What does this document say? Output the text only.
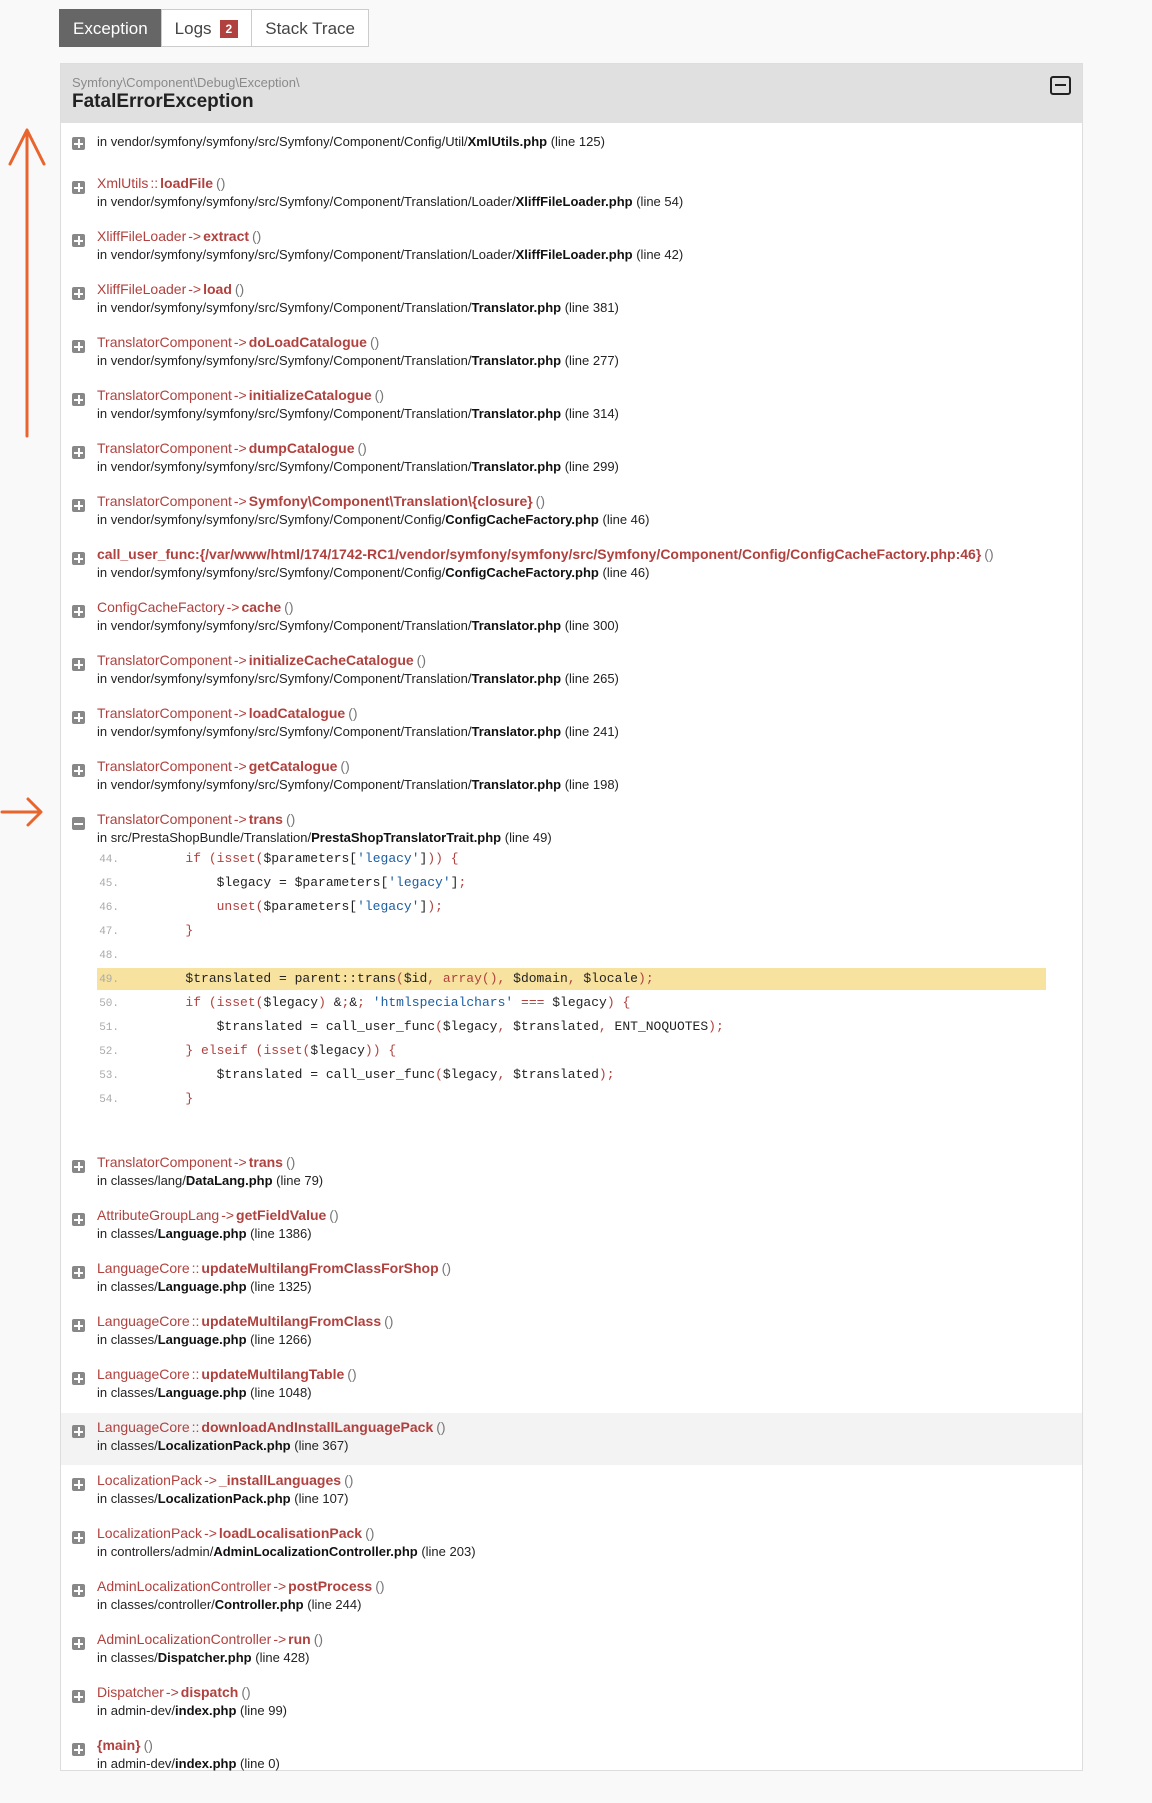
Exception	Logs 2	Stack Trace
Symfony\Component\Debug\Exception\
FatalErrorException
in vendor/symfony/symfony/src/Symfony/Component/Config/Util/XmlUtils.php (line 125)
XmlUtils :: loadFile ()
in vendor/symfony/symfony/src/Symfony/Component/Translation/Loader/XliffFileLoader.php (line 54)
XliffFileLoader -> extract ()
in vendor/symfony/symfony/src/Symfony/Component/Translation/Loader/XliffFileLoader.php (line 42)
XliffFileLoader -> load ()
in vendor/symfony/symfony/src/Symfony/Component/Translation/Translator.php (line 381)
TranslatorComponent -> doLoadCatalogue ()
in vendor/symfony/symfony/src/Symfony/Component/Translation/Translator.php (line 277)
TranslatorComponent -> initializeCatalogue ()
in vendor/symfony/symfony/src/Symfony/Component/Translation/Translator.php (line 314)
TranslatorComponent -> dumpCatalogue ()
in vendor/symfony/symfony/src/Symfony/Component/Translation/Translator.php (line 299)
TranslatorComponent -> Symfony\Component\Translation\{closure} ()
in vendor/symfony/symfony/src/Symfony/Component/Config/ConfigCacheFactory.php (line 46)
call_user_func:{/var/www/html/174/1742-RC1/vendor/symfony/symfony/src/Symfony/Component/Config/ConfigCacheFactory.php:46} ()
in vendor/symfony/symfony/src/Symfony/Component/Config/ConfigCacheFactory.php (line 46)
ConfigCacheFactory -> cache ()
in vendor/symfony/symfony/src/Symfony/Component/Translation/Translator.php (line 300)
TranslatorComponent -> initializeCacheCatalogue ()
in vendor/symfony/symfony/src/Symfony/Component/Translation/Translator.php (line 265)
TranslatorComponent -> loadCatalogue ()
in vendor/symfony/symfony/src/Symfony/Component/Translation/Translator.php (line 241)
TranslatorComponent -> getCatalogue ()
in vendor/symfony/symfony/src/Symfony/Component/Translation/Translator.php (line 198)
TranslatorComponent -> trans ()
in src/PrestaShopBundle/Translation/PrestaShopTranslatorTrait.php (line 49)
44.	if (isset($parameters['legacy'])) {
45. $legacy = $parameters['legacy'];
46.	unset($parameters['legacy']);
47.	}
48.
49. $translated = parent::trans($id, array(), $domain, $locale);
50.	if (isset($legacy) &;&; 'htmlspecialchars' === $legacy) {
51. $translated = call_user_func($legacy, $translated, ENT_NOQUOTES);
52.	} elseif (isset($legacy)) {
53. $translated = call_user_func($legacy, $translated);
54.	}
TranslatorComponent -> trans ()
in classes/lang/DataLang.php (line 79)
AttributeGroupLang -> getFieldValue ()
in classes/Language.php (line 1386)
LanguageCore :: updateMultilangFromClassForShop ()
in classes/Language.php (line 1325)
LanguageCore :: updateMultilangFromClass ()
in classes/Language.php (line 1266)
LanguageCore :: updateMultilangTable ()
in classes/Language.php (line 1048)
LanguageCore :: downloadAndInstallLanguagePack ()
in classes/LocalizationPack.php (line 367)
LocalizationPack -> _installLanguages ()
in classes/LocalizationPack.php (line 107)
LocalizationPack -> loadLocalisationPack ()
in controllers/admin/AdminLocalizationController.php (line 203)
AdminLocalizationController -> postProcess ()
in classes/controller/Controller.php (line 244)
AdminLocalizationController -> run ()
in classes/Dispatcher.php (line 428)
Dispatcher -> dispatch ()
in admin-dev/index.php (line 99)
{main} ()
in admin-dev/index.php (line 0)
